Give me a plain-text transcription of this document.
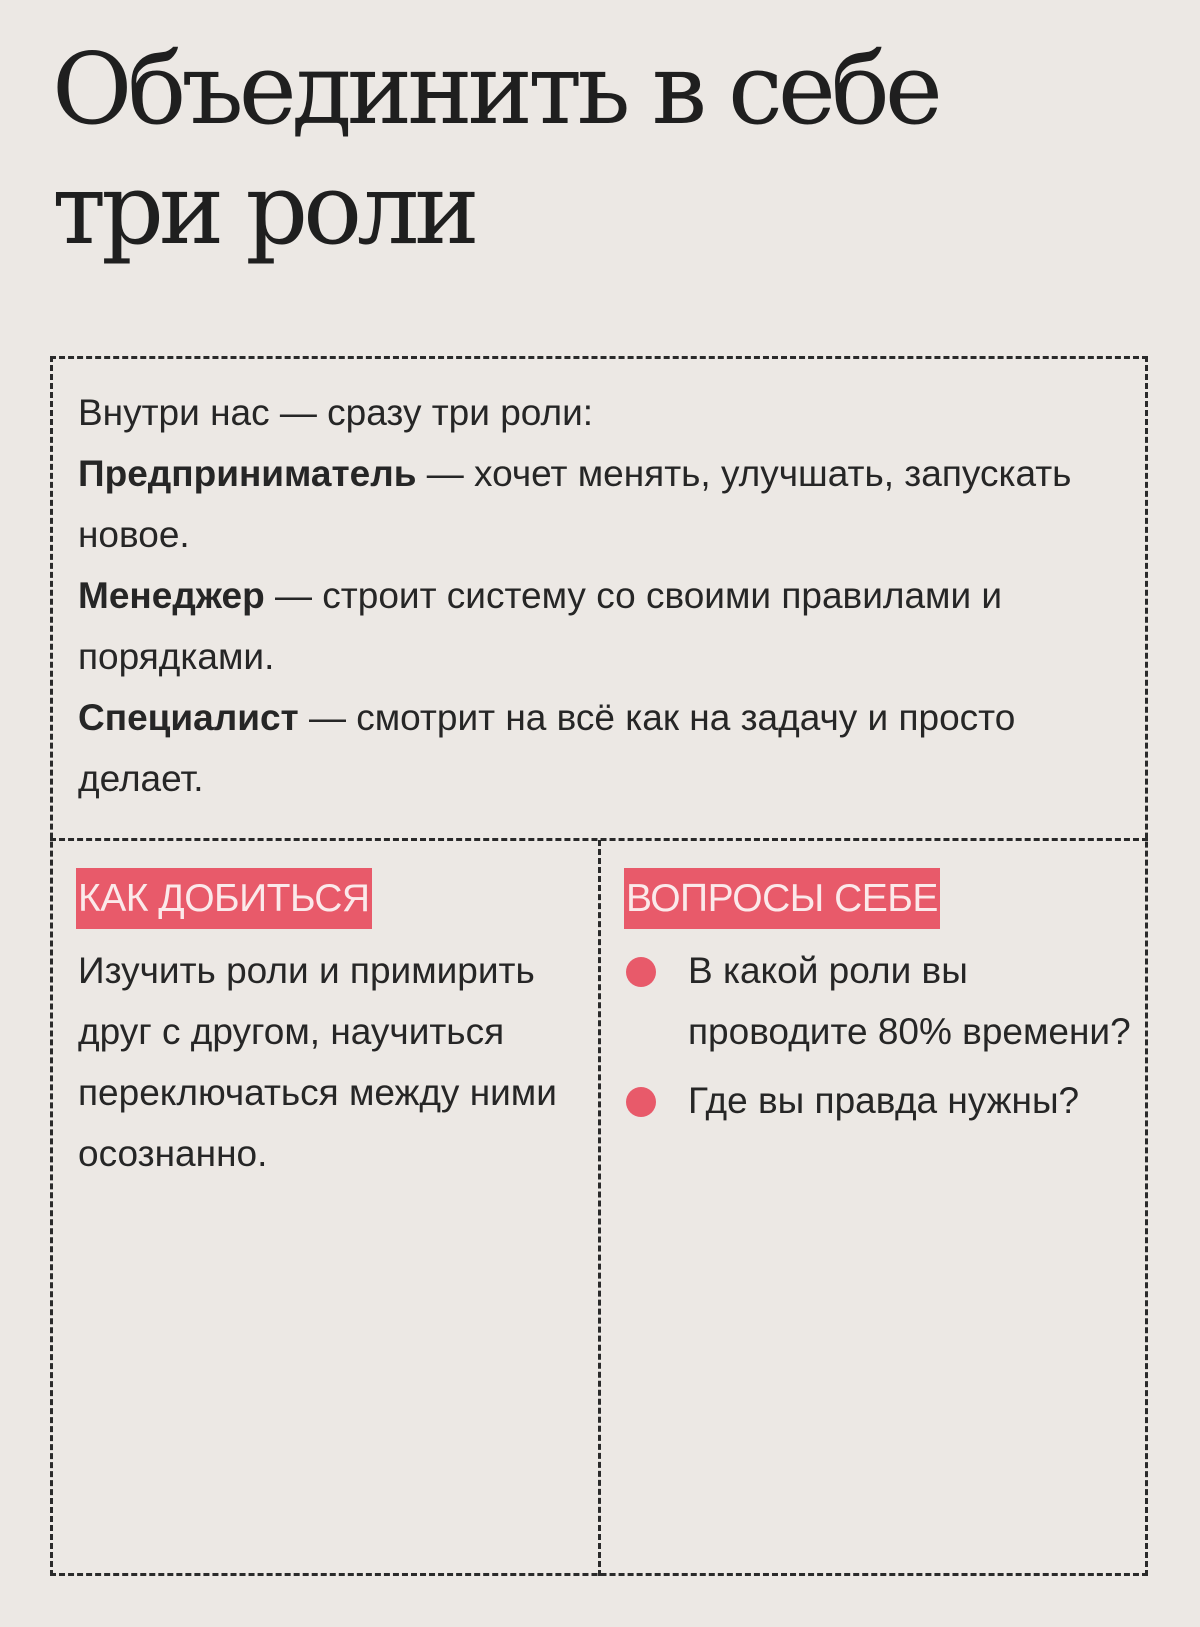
Объединить в себе
три роли

Внутри нас — сразу три роли:

Предприниматель — хочет менять, улучшать, запускать новое.

Менеджер — строит систему со своими правилами и порядками.

Специалист — смотрит на всё как на задачу и просто делает.

КАК ДОБИТЬСЯ

Изучить роли и примирить друг с другом, научиться переключаться между ними осознанно.

ВОПРОСЫ СЕБЕ
В какой роли вы проводите 80% времени?
Где вы правда нужны?
